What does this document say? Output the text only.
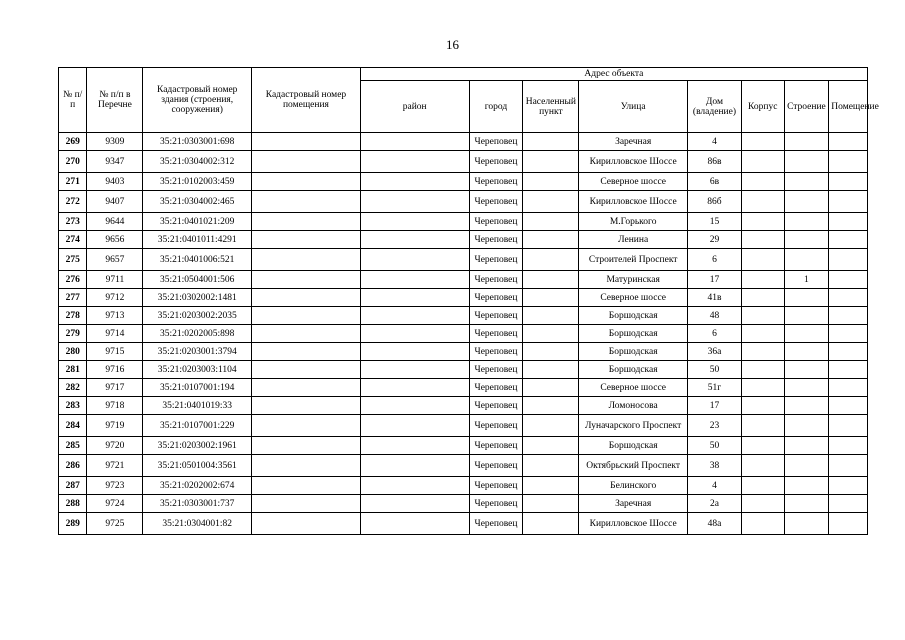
16
№ п/п	№ п/п в Перечне	Кадастровый номер здания (строения, сооружения)	Кадастровый номер помещения	Адрес объекта							
				район	город	Населенный пункт	Улица	Дом (владение)	Корпус	Строение	Помещение
269	9309	35:21:0303001:698			Череповец		Заречная	4			
270	9347	35:21:0304002:312			Череповец		Кирилловское Шоссе	86в			
271	9403	35:21:0102003:459			Череповец		Северное шоссе	6в			
272	9407	35:21:0304002:465			Череповец		Кирилловское Шоссе	86б			
273	9644	35:21:0401021:209			Череповец		М.Горького	15			
274	9656	35:21:0401011:4291			Череповец		Ленина	29			
275	9657	35:21:0401006:521			Череповец		Строителей Проспект	6			
276	9711	35:21:0504001:506			Череповец		Матуринская	17		1	
277	9712	35:21:0302002:1481			Череповец		Северное шоссе	41в			
278	9713	35:21:0203002:2035			Череповец		Боршодская	48			
279	9714	35:21:0202005:898			Череповец		Боршодская	6			
280	9715	35:21:0203001:3794			Череповец		Боршодская	36а			
281	9716	35:21:0203003:1104			Череповец		Боршодская	50			
282	9717	35:21:0107001:194			Череповец		Северное шоссе	51г			
283	9718	35:21:0401019:33			Череповец		Ломоносова	17			
284	9719	35:21:0107001:229			Череповец		Луначарского Проспект	23			
285	9720	35:21:0203002:1961			Череповец		Боршодская	50			
286	9721	35:21:0501004:3561			Череповец		Октябрьский Проспект	38			
287	9723	35:21:0202002:674			Череповец		Белинского	4			
288	9724	35:21:0303001:737			Череповец		Заречная	2а			
289	9725	35:21:0304001:82			Череповец		Кирилловское Шоссе	48а			
